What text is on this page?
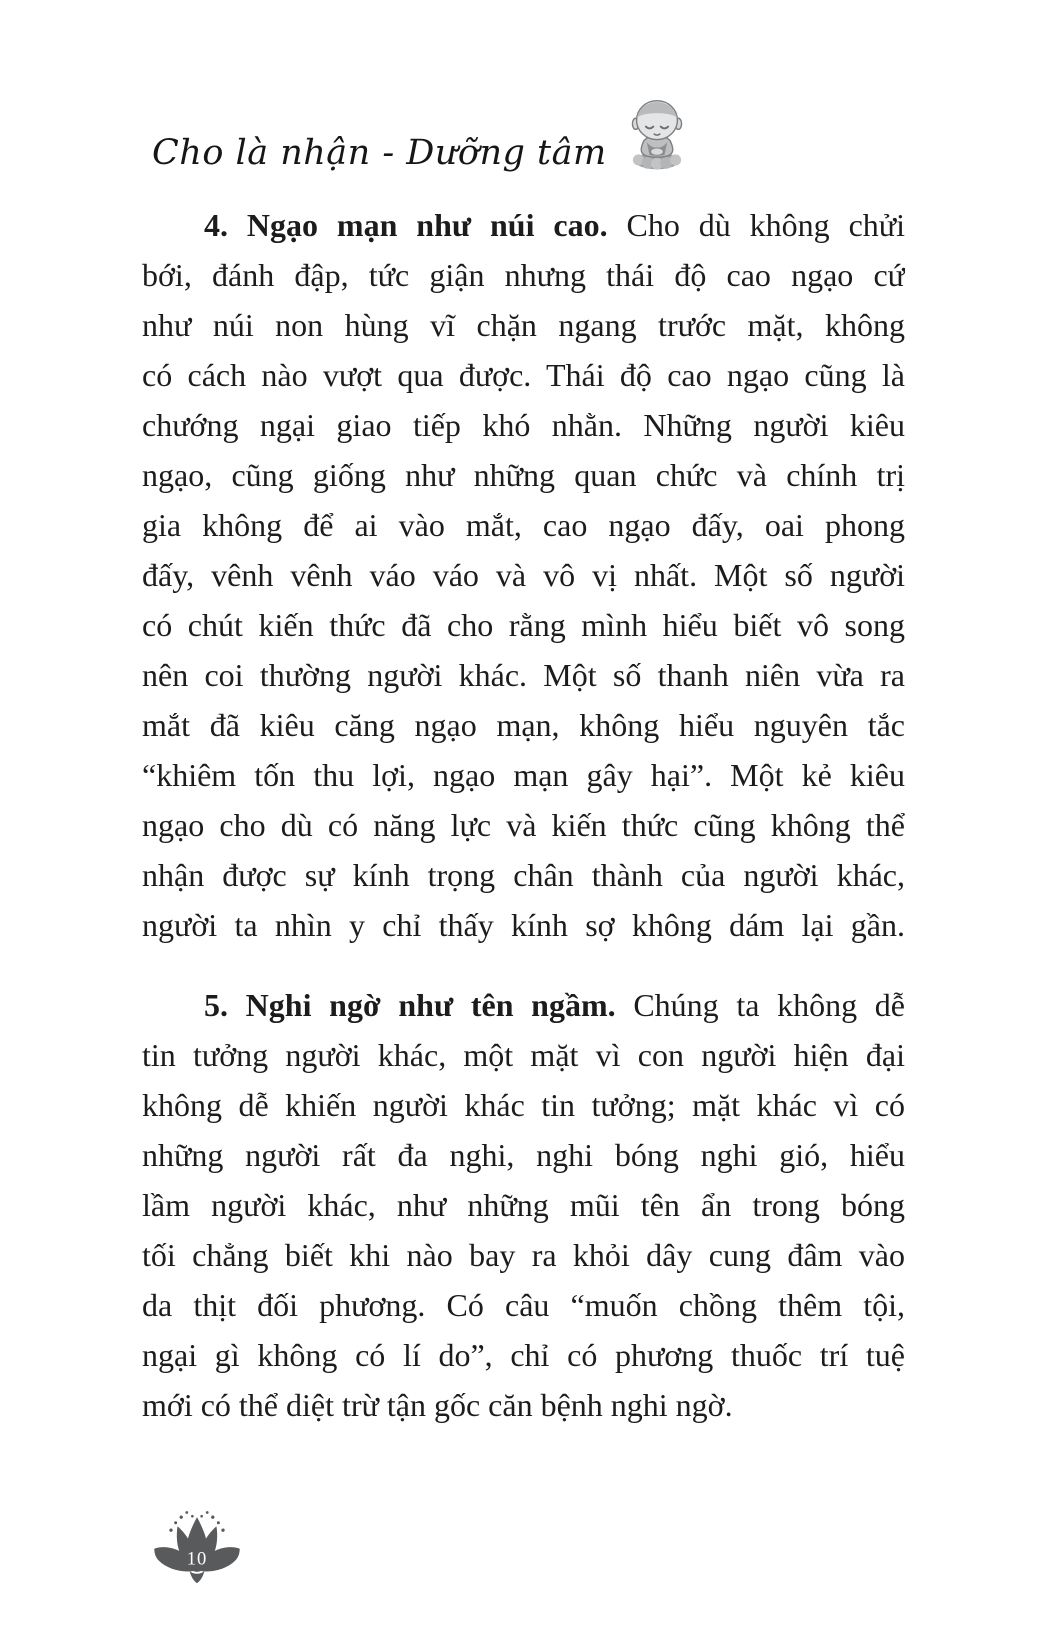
Cho là nhận - Dưỡng tâm
4. Ngạo mạn như núi cao. Cho dù không chửi
bới, đánh đập, tức giận nhưng thái độ cao ngạo cứ
như núi non hùng vĩ chặn ngang trước mặt, không
có cách nào vượt qua được. Thái độ cao ngạo cũng là
chướng ngại giao tiếp khó nhằn. Những người kiêu
ngạo, cũng giống như những quan chức và chính trị
gia không để ai vào mắt, cao ngạo đấy, oai phong
đấy, vênh vênh váo váo và vô vị nhất. Một số người
có chút kiến thức đã cho rằng mình hiểu biết vô song
nên coi thường người khác. Một số thanh niên vừa ra
mắt đã kiêu căng ngạo mạn, không hiểu nguyên tắc
“khiêm tốn thu lợi, ngạo mạn gây hại”. Một kẻ kiêu
ngạo cho dù có năng lực và kiến thức cũng không thể
nhận được sự kính trọng chân thành của người khác,
người ta nhìn y chỉ thấy kính sợ không dám lại gần.
5. Nghi ngờ như tên ngầm. Chúng ta không dễ
tin tưởng người khác, một mặt vì con người hiện đại
không dễ khiến người khác tin tưởng; mặt khác vì có
những người rất đa nghi, nghi bóng nghi gió, hiểu
lầm người khác, như những mũi tên ẩn trong bóng
tối chẳng biết khi nào bay ra khỏi dây cung đâm vào
da thịt đối phương. Có câu “muốn chồng thêm tội,
ngại gì không có lí do”, chỉ có phương thuốc trí tuệ
mới có thể diệt trừ tận gốc căn bệnh nghi ngờ.
10
